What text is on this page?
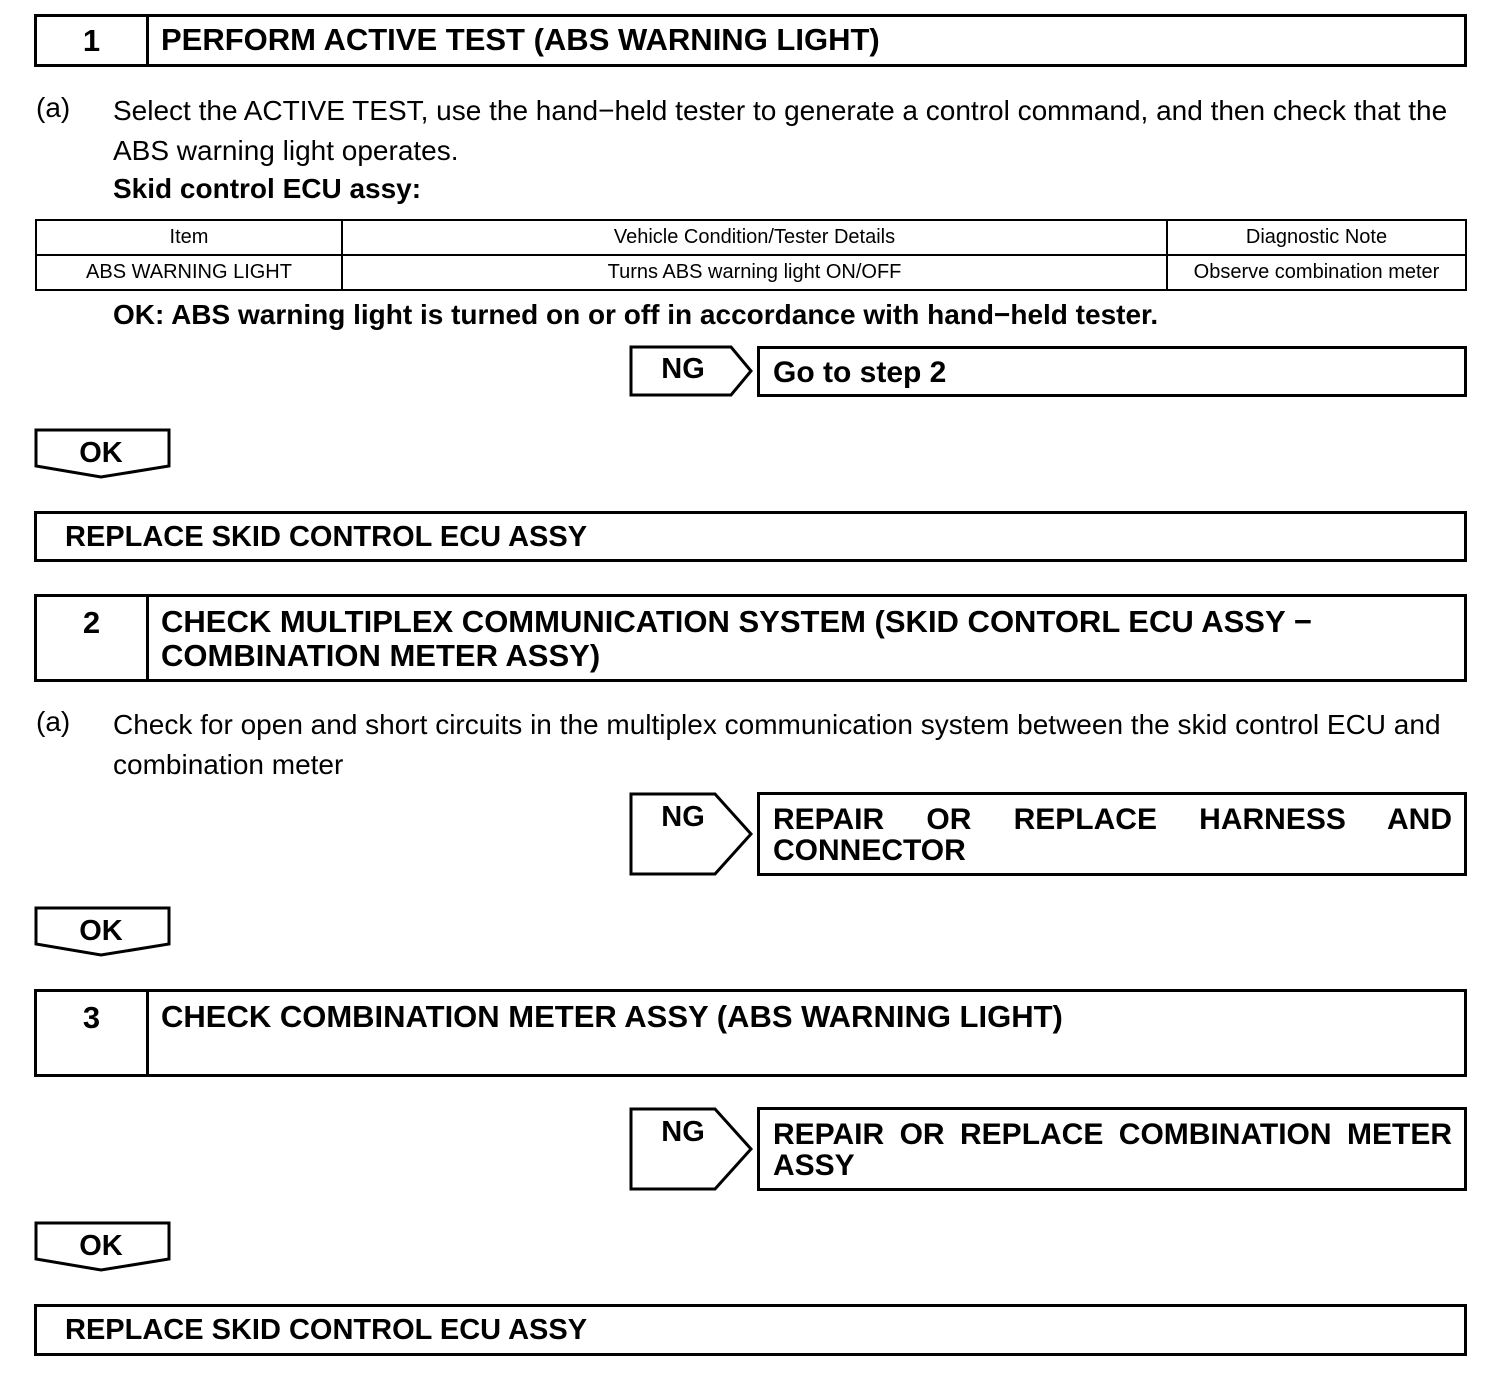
1	PERFORM ACTIVE TEST (ABS WARNING LIGHT)
(a) Select the ACTIVE TEST, use the hand−held tester to generate a control command, and then check that the ABS warning light operates.
Skid control ECU assy:
Item	Vehicle Condition/Tester Details	Diagnostic Note
ABS WARNING LIGHT	Turns ABS warning light ON/OFF	Observe combination meter
OK: ABS warning light is turned on or off in accordance with hand−held tester.
NG	Go to step 2
OK
REPLACE SKID CONTROL ECU ASSY
2	CHECK MULTIPLEX COMMUNICATION SYSTEM (SKID CONTORL ECU ASSY −
COMBINATION METER ASSY)
(a) Check for open and short circuits in the multiplex communication system between the skid control ECU and combination meter
NG	REPAIR OR REPLACE HARNESS AND CONNECTOR
OK
3	CHECK COMBINATION METER ASSY (ABS WARNING LIGHT)
NG	REPAIR OR REPLACE COMBINATION METER ASSY
OK
REPLACE SKID CONTROL ECU ASSY
